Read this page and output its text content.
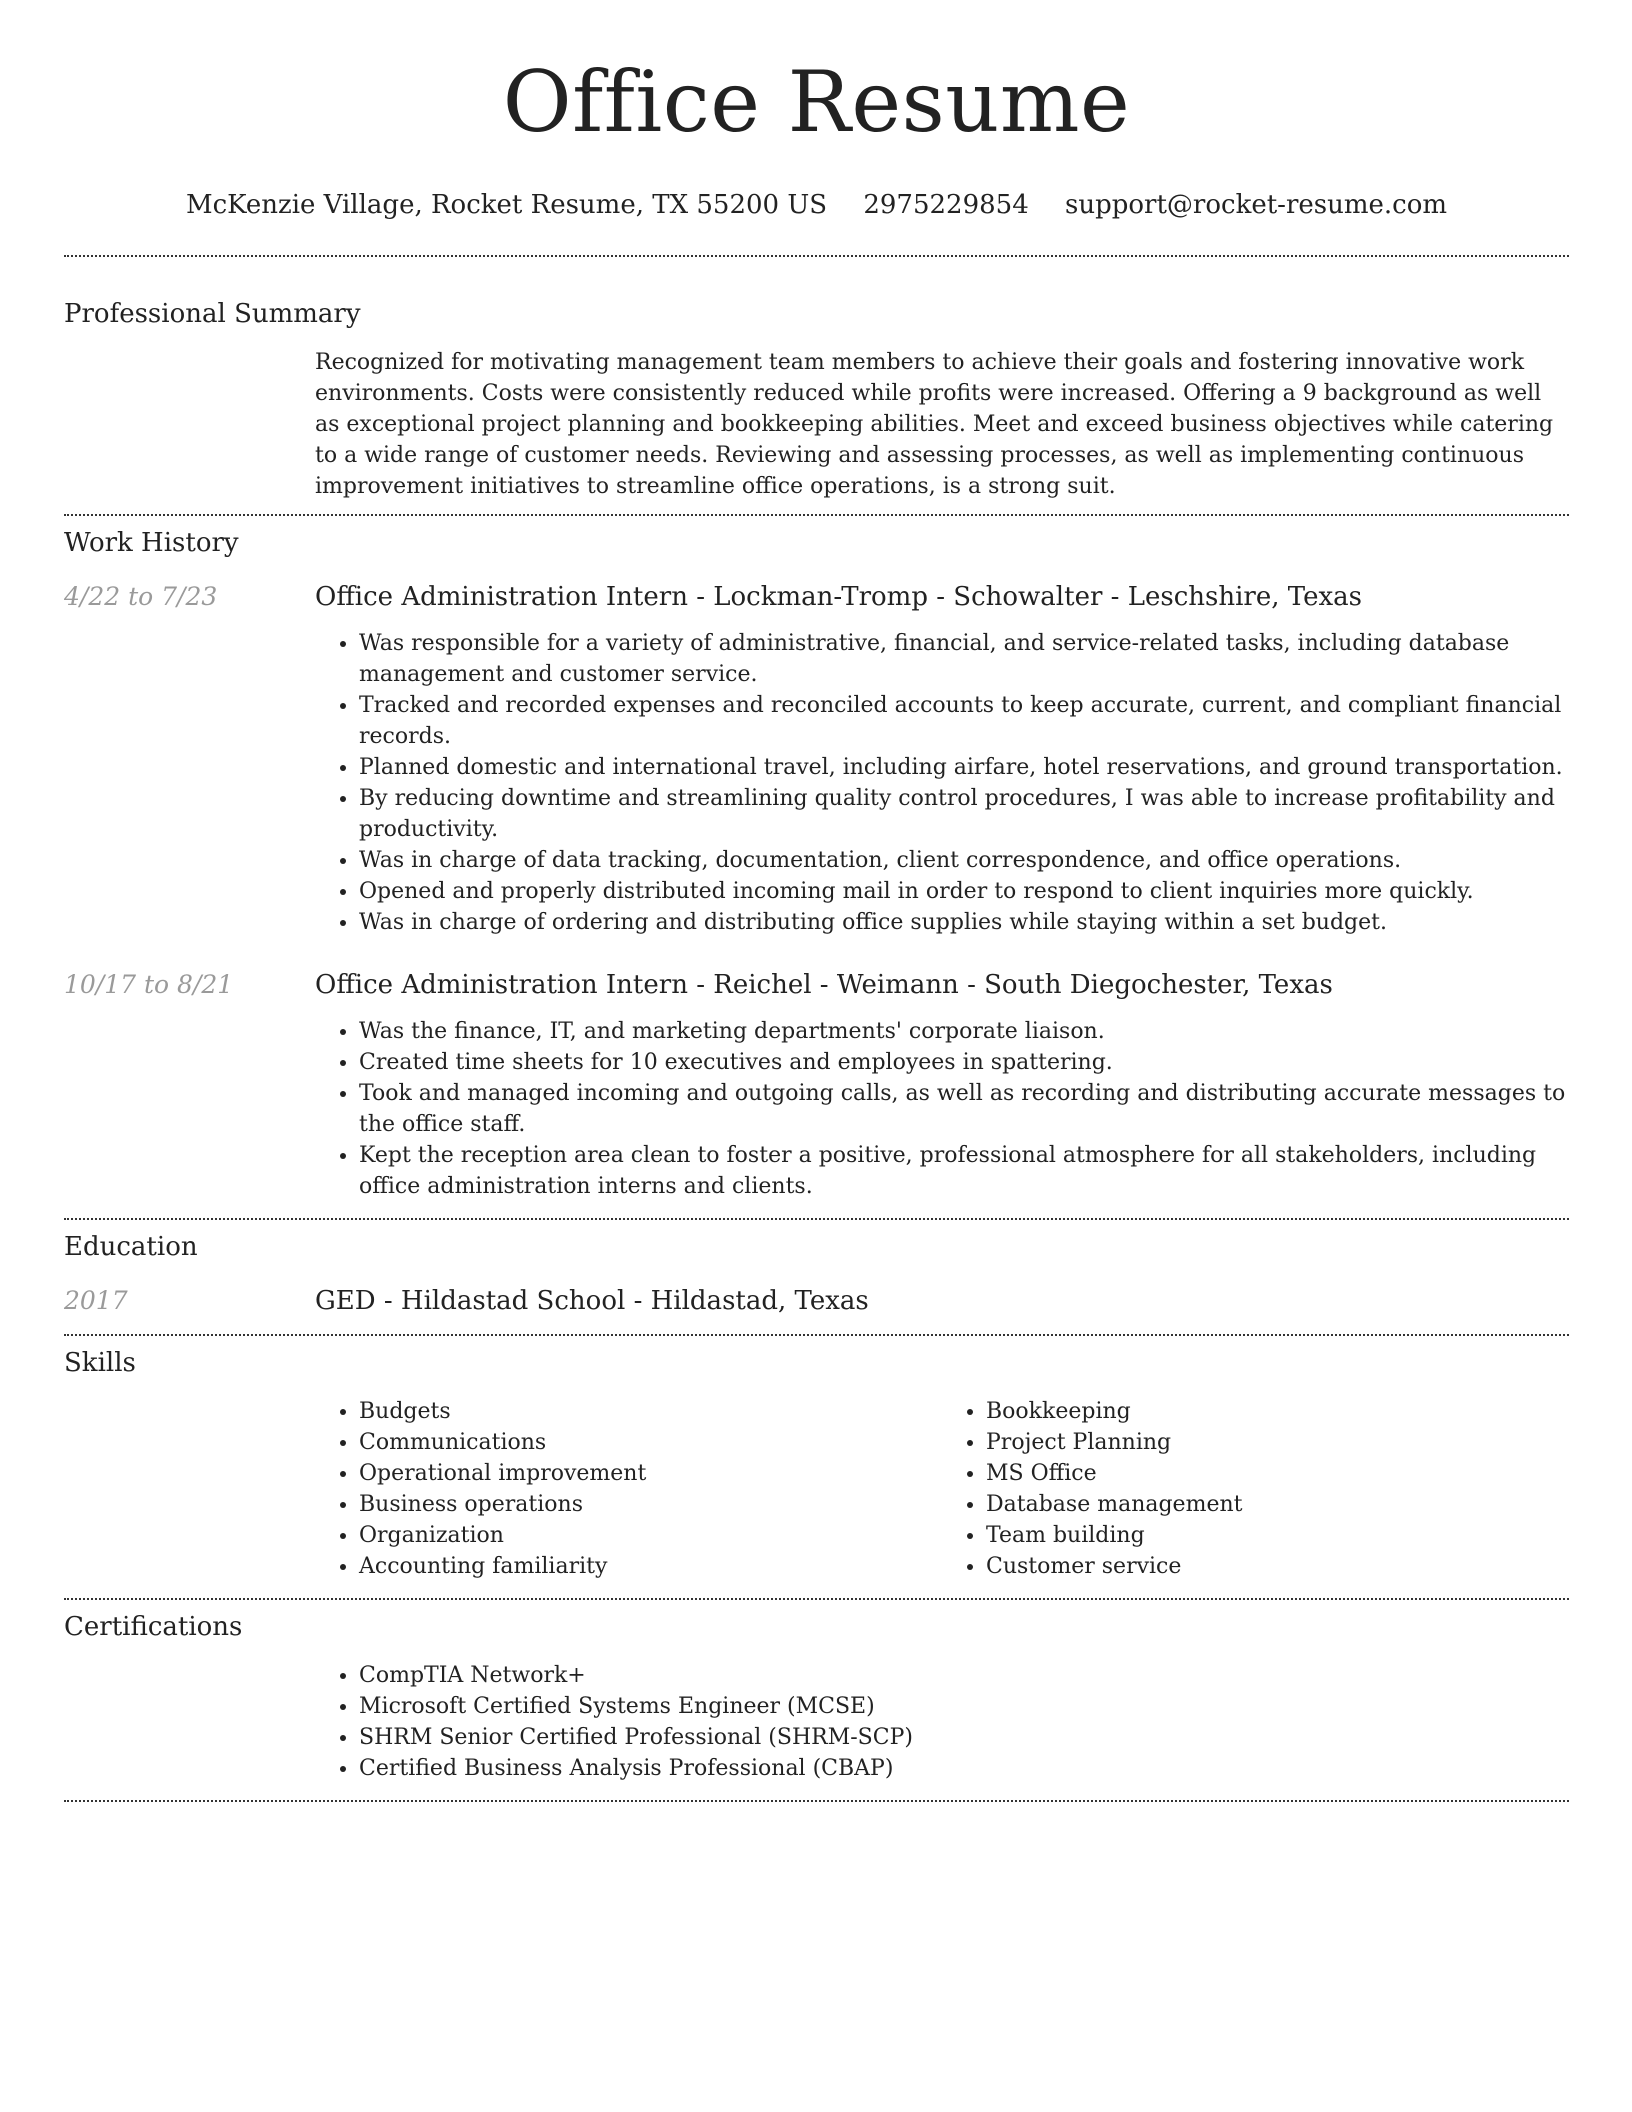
Office Resume
McKenzie Village, Rocket Resume, TX 55200 US 2975229854 support@rocket-resume.com
Professional Summary
Recognized for motivating management team members to achieve their goals and fostering innovative work environments. Costs were consistently reduced while profits were increased. Offering a 9 background as well as exceptional project planning and bookkeeping abilities. Meet and exceed business objectives while catering to a wide range of customer needs. Reviewing and assessing processes, as well as implementing continuous improvement initiatives to streamline office operations, is a strong suit.
Work History
4/22 to 7/23	Office Administration Intern - Lockman-Tromp - Schowalter - Leschshire, Texas
• Was responsible for a variety of administrative, financial, and service-related tasks, including database management and customer service.
• Tracked and recorded expenses and reconciled accounts to keep accurate, current, and compliant financial records.
• Planned domestic and international travel, including airfare, hotel reservations, and ground transportation.
• By reducing downtime and streamlining quality control procedures, I was able to increase profitability and productivity.
• Was in charge of data tracking, documentation, client correspondence, and office operations.
• Opened and properly distributed incoming mail in order to respond to client inquiries more quickly.
• Was in charge of ordering and distributing office supplies while staying within a set budget.
10/17 to 8/21	Office Administration Intern - Reichel - Weimann - South Diegochester, Texas
• Was the finance, IT, and marketing departments' corporate liaison.
• Created time sheets for 10 executives and employees in spattering.
• Took and managed incoming and outgoing calls, as well as recording and distributing accurate messages to the office staff.
• Kept the reception area clean to foster a positive, professional atmosphere for all stakeholders, including office administration interns and clients.
Education
2017	GED - Hildastad School - Hildastad, Texas
Skills
• Budgets
• Communications
• Operational improvement
• Business operations
• Organization
• Accounting familiarity
• Bookkeeping
• Project Planning
• MS Office
• Database management
• Team building
• Customer service
Certifications
• CompTIA Network+
• Microsoft Certified Systems Engineer (MCSE)
• SHRM Senior Certified Professional (SHRM-SCP)
• Certified Business Analysis Professional (CBAP)
